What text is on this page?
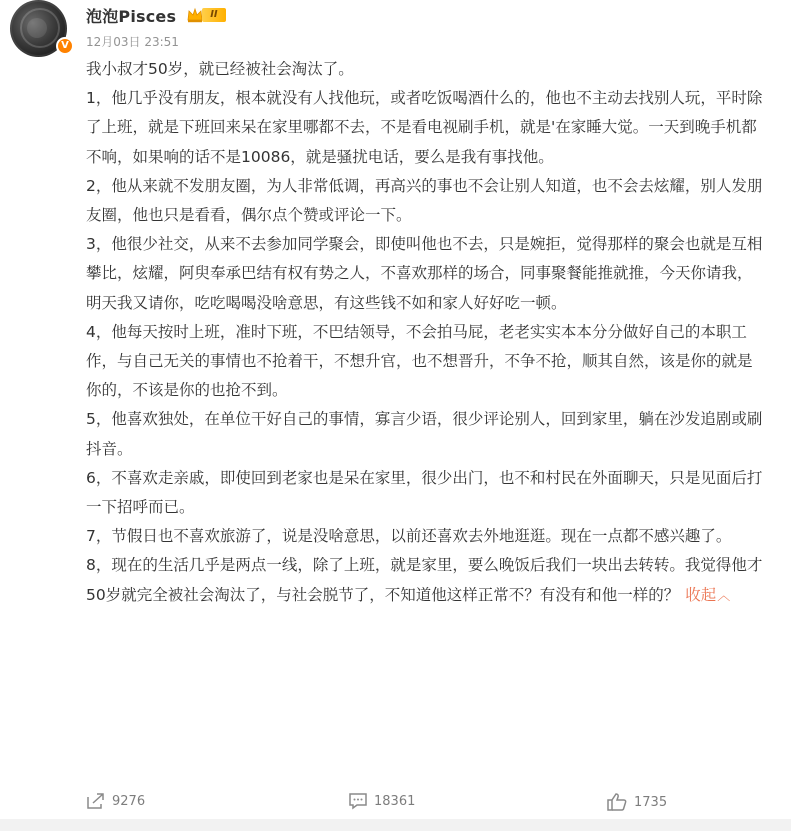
V
泡泡Pisces	II
12月03日 23:51

我小叔才50岁，就已经被社会淘汰了。

1，他几乎没有朋友，根本就没有人找他玩，或者吃饭喝酒什么的，他也不主动去找别人玩，平时除了上班，就是下班回来呆在家里哪都不去，不是看电视刷手机，就是'在家睡大觉。一天到晚手机都不响，如果响的话不是10086，就是骚扰电话，要么是我有事找他。

2，他从来就不发朋友圈，为人非常低调，再高兴的事也不会让别人知道，也不会去炫耀，别人发朋友圈，他也只是看看，偶尔点个赞或评论一下。

3，他很少社交，从来不去参加同学聚会，即使叫他也不去，只是婉拒，觉得那样的聚会也就是互相攀比，炫耀，阿臾奉承巴结有权有势之人，不喜欢那样的场合，同事聚餐能推就推，今天你请我，明天我又请你，吃吃喝喝没啥意思，有这些钱不如和家人好好吃一顿。

4，他每天按时上班，准时下班，不巴结领导，不会拍马屁，老老实实本本分分做好自己的本职工作，与自己无关的事情也不抢着干，不想升官，也不想晋升，不争不抢，顺其自然，该是你的就是你的，不该是你的也抢不到。

5，他喜欢独处，在单位干好自己的事情，寡言少语，很少评论别人，回到家里，躺在沙发追剧或刷抖音。

6，不喜欢走亲戚，即使回到老家也是呆在家里，很少出门，也不和村民在外面聊天，只是见面后打一下招呼而已。

7，节假日也不喜欢旅游了，说是没啥意思，以前还喜欢去外地逛逛。现在一点都不感兴趣了。

8，现在的生活几乎是两点一线，除了上班，就是家里，要么晚饭后我们一块出去转转。我觉得他才50岁就完全被社会淘汰了，与社会脱节了，不知道他这样正常不？有没有和他一样的？ 收起︿

9276	18361	1735
